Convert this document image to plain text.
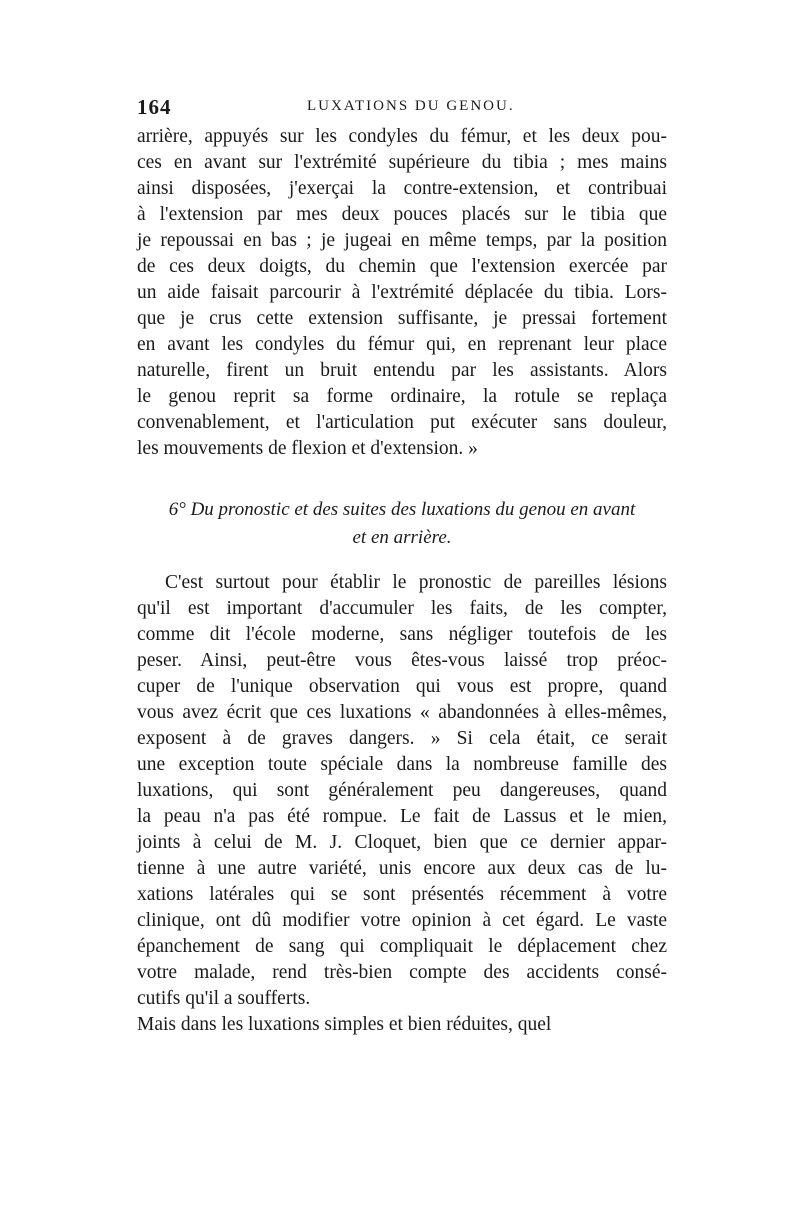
164	LUXATIONS DU GENOU.
arrière, appuyés sur les condyles du fémur, et les deux pou-
ces en avant sur l'extrémité supérieure du tibia ; mes mains
ainsi disposées, j'exerçai la contre-extension, et contribuai
à l'extension par mes deux pouces placés sur le tibia que
je repoussai en bas ; je jugeai en même temps, par la position
de ces deux doigts, du chemin que l'extension exercée par
un aide faisait parcourir à l'extrémité déplacée du tibia. Lors-
que je crus cette extension suffisante, je pressai fortement
en avant les condyles du fémur qui, en reprenant leur place
naturelle, firent un bruit entendu par les assistants. Alors
le genou reprit sa forme ordinaire, la rotule se replaça
convenablement, et l'articulation put exécuter sans douleur,
les mouvements de flexion et d'extension. »
6° Du pronostic et des suites des luxations du genou en avant
et en arrière.
C'est surtout pour établir le pronostic de pareilles lésions
qu'il est important d'accumuler les faits, de les compter,
comme dit l'école moderne, sans négliger toutefois de les
peser. Ainsi, peut-être vous êtes-vous laissé trop préoc-
cuper de l'unique observation qui vous est propre, quand
vous avez écrit que ces luxations « abandonnées à elles-mêmes,
exposent à de graves dangers. » Si cela était, ce serait
une exception toute spéciale dans la nombreuse famille des
luxations, qui sont généralement peu dangereuses, quand
la peau n'a pas été rompue. Le fait de Lassus et le mien,
joints à celui de M. J. Cloquet, bien que ce dernier appar-
tienne à une autre variété, unis encore aux deux cas de lu-
xations latérales qui se sont présentés récemment à votre
clinique, ont dû modifier votre opinion à cet égard. Le vaste
épanchement de sang qui compliquait le déplacement chez
votre malade, rend très-bien compte des accidents consé-
cutifs qu'il a soufferts.
Mais dans les luxations simples et bien réduites, quel
